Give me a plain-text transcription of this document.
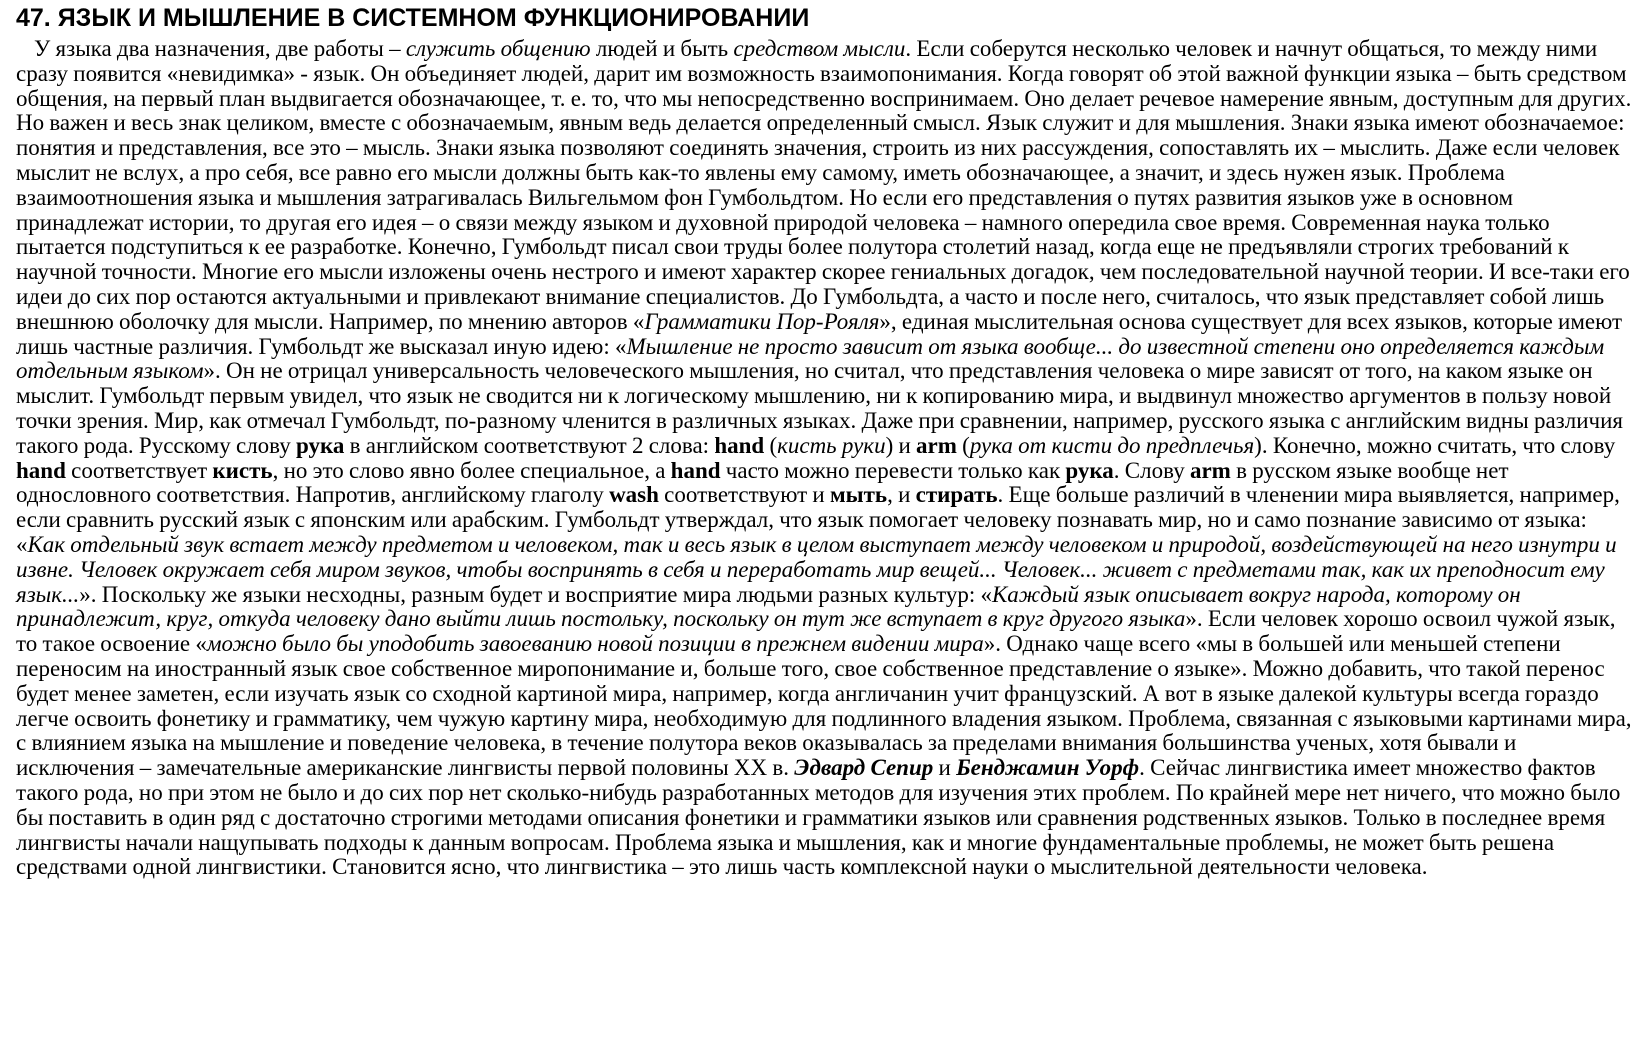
47. ЯЗЫК И МЫШЛЕНИЕ В СИСТЕМНОМ ФУНКЦИОНИРОВАНИИ

У языка два назначения, две работы – служить общению людей и быть средством мысли. Если соберутся несколько человек и начнут общаться, то между ними сразу появится «невидимка» - язык. Он объединяет людей, дарит им возможность взаимопонимания. Когда говорят об этой важной функции языка – быть средством общения, на первый план выдвигается обозначающее, т. е. то, что мы непосредственно воспринимаем. Оно делает речевое намерение явным, доступным для других. Но важен и весь знак целиком, вместе с обозначаемым, явным ведь делается определенный смысл. Язык служит и для мышления. Знаки языка имеют обозначаемое: понятия и представления, все это – мысль. Знаки языка позволяют соединять значения, строить из них рассуждения, сопоставлять их – мыслить. Даже если человек мыслит не вслух, а про себя, все равно его мысли должны быть как-то явлены ему самому, иметь обозначающее, а значит, и здесь нужен язык. Проблема взаимоотношения языка и мышления затрагивалась Вильгельмом фон Гумбольдтом. Но если его представления о путях развития языков уже в основном принадлежат истории, то другая его идея – о связи между языком и духовной природой человека – намного опередила свое время. Современная наука только пытается подступиться к ее разработке. Конечно, Гумбольдт писал свои труды более полутора столетий назад, когда еще не предъявляли строгих требований к научной точности. Многие его мысли изложены очень нестрого и имеют характер скорее гениальных догадок, чем последовательной научной теории. И все-таки его идеи до сих пор остаются актуальными и привлекают внимание специалистов. До Гумбольдта, а часто и после него, считалось, что язык представляет собой лишь внешнюю оболочку для мысли. Например, по мнению авторов «Грамматики Пор-Рояля», единая мыслительная основа существует для всех языков, которые имеют лишь частные различия. Гумбольдт же высказал иную идею: «Мышление не просто зависит от языка вообще... до известной степени оно определяется каждым отдельным языком». Он не отрицал универсальность человеческого мышления, но считал, что представления человека о мире зависят от того, на каком языке он мыслит. Гумбольдт первым увидел, что язык не сводится ни к логическому мышлению, ни к копированию мира, и выдвинул множество аргументов в пользу новой точки зрения. Мир, как отмечал Гумбольдт, по-разному членится в различных языках. Даже при сравнении, например, русского языка с английским видны различия такого рода. Русскому слову рука в английском соответствуют 2 слова: hand (кисть руки) и arm (рука от кисти до предплечья). Конечно, можно считать, что слову hand соответствует кисть, но это слово явно более специальное, а hand часто можно перевести только как рука. Слову arm в русском языке вообще нет однословного соответствия. Напротив, английскому глаголу wash соответствуют и мыть, и стирать. Еще больше различий в членении мира выявляется, например, если сравнить русский язык с японским или арабским. Гумбольдт утверждал, что язык помогает человеку познавать мир, но и само познание зависимо от языка: «Как отдельный звук встает между предметом и человеком, так и весь язык в целом выступает между человеком и природой, воздействующей на него изнутри и извне. Человек окружает себя миром звуков, чтобы воспринять в себя и переработать мир вещей... Человек... живет с предметами так, как их преподносит ему язык...». Поскольку же языки несходны, разным будет и восприятие мира людьми разных культур: «Каждый язык описывает вокруг народа, которому он принадлежит, круг, откуда человеку дано выйти лишь постольку, поскольку он тут же вступает в круг другого языка». Если человек хорошо освоил чужой язык, то такое освоение «можно было бы уподобить завоеванию новой позиции в прежнем видении мира». Однако чаще всего «мы в большей или меньшей степени переносим на иностранный язык свое собственное миропонимание и, больше того, свое собственное представление о языке». Можно добавить, что такой перенос будет менее заметен, если изучать язык со сходной картиной мира, например, когда англичанин учит французский. А вот в языке далекой культуры всегда гораздо легче освоить фонетику и грамматику, чем чужую картину мира, необходимую для подлинного владения языком. Проблема, связанная с языковыми картинами мира, с влиянием языка на мышление и поведение человека, в течение полутора веков оказывалась за пределами внимания большинства ученых, хотя бывали и исключения – замечательные американские лингвисты первой половины XX в. Эдвард Сепир и Бенджамин Уорф. Сейчас лингвистика имеет множество фактов такого рода, но при этом не было и до сих пор нет сколько-нибудь разработанных методов для изучения этих проблем. По крайней мере нет ничего, что можно было бы поставить в один ряд с достаточно строгими методами описания фонетики и грамматики языков или сравнения родственных языков. Только в последнее время лингвисты начали нащупывать подходы к данным вопросам. Проблема языка и мышления, как и многие фундаментальные проблемы, не может быть решена средствами одной лингвистики. Становится ясно, что лингвистика – это лишь часть комплексной науки о мыслительной деятельности человека.
